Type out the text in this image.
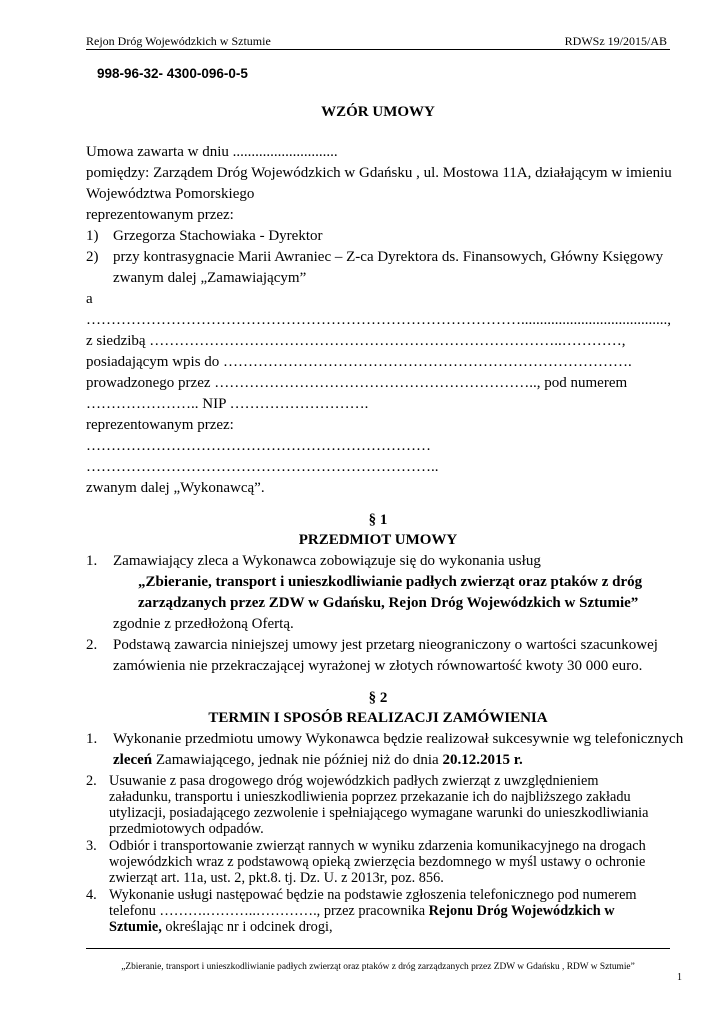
Rejon Dróg Wojewódzkich w Sztumie	RDWSz 19/2015/AB
998-96-32- 4300-096-0-5
WZÓR UMOWY
Umowa zawarta w dniu ............................
pomiędzy: Zarządem Dróg Wojewódzkich w Gdańsku , ul. Mostowa 11A, działającym w imieniu
Województwa Pomorskiego
reprezentowanym przez:
1) Grzegorza Stachowiaka - Dyrektor
2) przy kontrasygnacie Marii Awraniec – Z-ca Dyrektora ds. Finansowych, Główny Księgowy
zwanym dalej „Zamawiającym”
a
…………………………………………………………………………….......................................,
z siedzibą ………………………………………………………………………..…………,
posiadającym wpis do ……………………………………………………………………….
prowadzonego przez ……………………………………………………….., pod numerem
………………….. NIP ……………………….
reprezentowanym przez:
……………………………………………………………
……………………………………………………………..
zwanym dalej „Wykonawcą”.
§ 1
PRZEDMIOT UMOWY
1. Zamawiający zleca a Wykonawca zobowiązuje się do wykonania usług
„Zbieranie, transport i unieszkodliwianie padłych zwierząt oraz ptaków z dróg
zarządzanych przez ZDW w Gdańsku, Rejon Dróg Wojewódzkich w Sztumie”
zgodnie z przedłożoną Ofertą.
2. Podstawą zawarcia niniejszej umowy jest przetarg nieograniczony o wartości szacunkowej
zamówienia nie przekraczającej wyrażonej w złotych równowartość kwoty 30 000 euro.
§ 2
TERMIN I SPOSÓB REALIZACJI ZAMÓWIENIA
1. Wykonanie przedmiotu umowy Wykonawca będzie realizował sukcesywnie wg telefonicznych
zleceń Zamawiającego, jednak nie później niż do dnia 20.12.2015 r.
2. Usuwanie z pasa drogowego dróg wojewódzkich padłych zwierząt z uwzględnieniem
załadunku, transportu i unieszkodliwienia poprzez przekazanie ich do najbliższego zakładu
utylizacji, posiadającego zezwolenie i spełniającego wymagane warunki do unieszkodliwiania
przedmiotowych odpadów.
3. Odbiór i transportowanie zwierząt rannych w wyniku zdarzenia komunikacyjnego na drogach
wojewódzkich wraz z podstawową opieką zwierzęcia bezdomnego w myśl ustawy o ochronie
zwierząt art. 11a, ust. 2, pkt.8. tj. Dz. U. z 2013r, poz. 856.
4. Wykonanie usługi następować będzie na podstawie zgłoszenia telefonicznego pod numerem
telefonu ……….………..…………., przez pracownika Rejonu Dróg Wojewódzkich w
Sztumie, określając nr i odcinek drogi,
„Zbieranie, transport i unieszkodliwianie padłych zwierząt oraz ptaków z dróg zarządzanych przez ZDW w Gdańsku , RDW w Sztumie”
1
